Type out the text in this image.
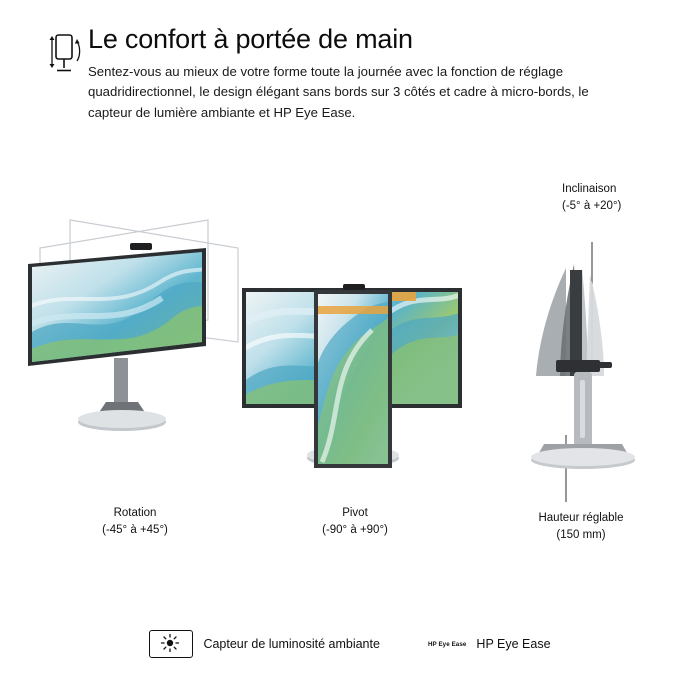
Le confort à portée de main

Sentez-vous au mieux de votre forme toute la journée avec la fonction de réglage quadridirectionnel, le design élégant sans bords sur 3 côtés et cadre à micro-bords, le capteur de lumière ambiante et HP Eye Ease.

Rotation
(-45° à +45°)
Pivot
(-90° à +90°)
Inclinaison
(-5° à +20°)
Hauteur réglable
(150 mm)
Capteur de luminosité ambiante	HP Eye Ease HP Eye Ease
